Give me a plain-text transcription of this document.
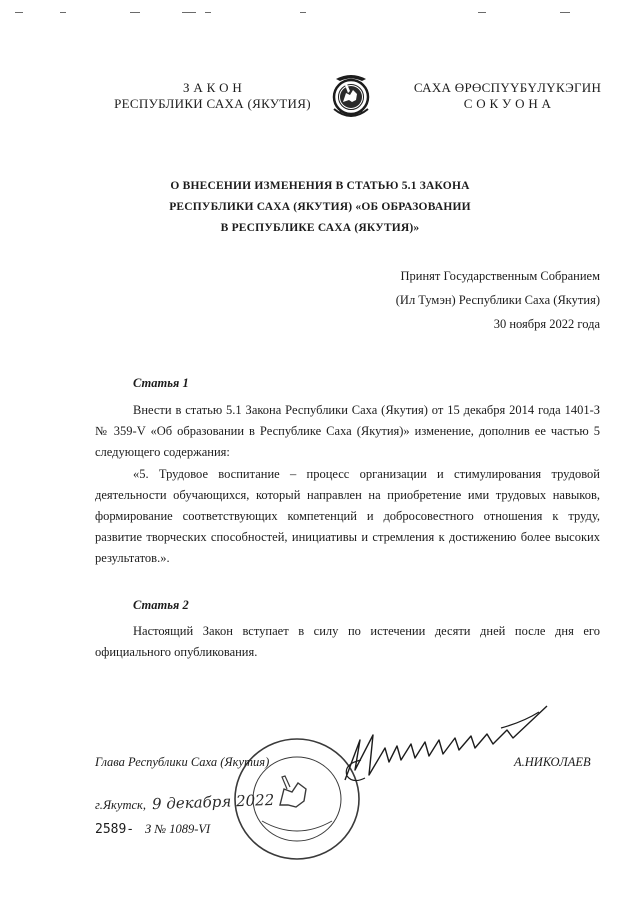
З А К О Н
РЕСПУБЛИКИ САХА (ЯКУТИЯ)
САХА ӨРӨСПҮҮБҮЛҮКЭГИН
С О К У О Н А
О ВНЕСЕНИИ ИЗМЕНЕНИЯ В СТАТЬЮ 5.1 ЗАКОНА
РЕСПУБЛИКИ САХА (ЯКУТИЯ) «ОБ ОБРАЗОВАНИИ
В РЕСПУБЛИКЕ САХА (ЯКУТИЯ)»
Принят Государственным Собранием
(Ил Тумэн) Республики Саха (Якутия)
30 ноября 2022 года
Статья 1
Внести в статью 5.1 Закона Республики Саха (Якутия) от 15 декабря 2014 года 1401-З № 359-V «Об образовании в Республике Саха (Якутия)» изменение, дополнив ее частью 5 следующего содержания:
«5. Трудовое воспитание – процесс организации и стимулирования трудовой деятельности обучающихся, который направлен на приобретение ими трудовых навыков, формирование соответствующих компетенций и добросовестного отношения к труду, развитие творческих способностей, инициативы и стремления к достижению более высоких результатов.».
Статья 2
Настоящий Закон вступает в силу по истечении десяти дней после дня его официального опубликования.
Глава Республики Саха (Якутия)	А.НИКОЛАЕВ
г.Якутск, 9 декабря 2022
2589- З № 1089-VI
